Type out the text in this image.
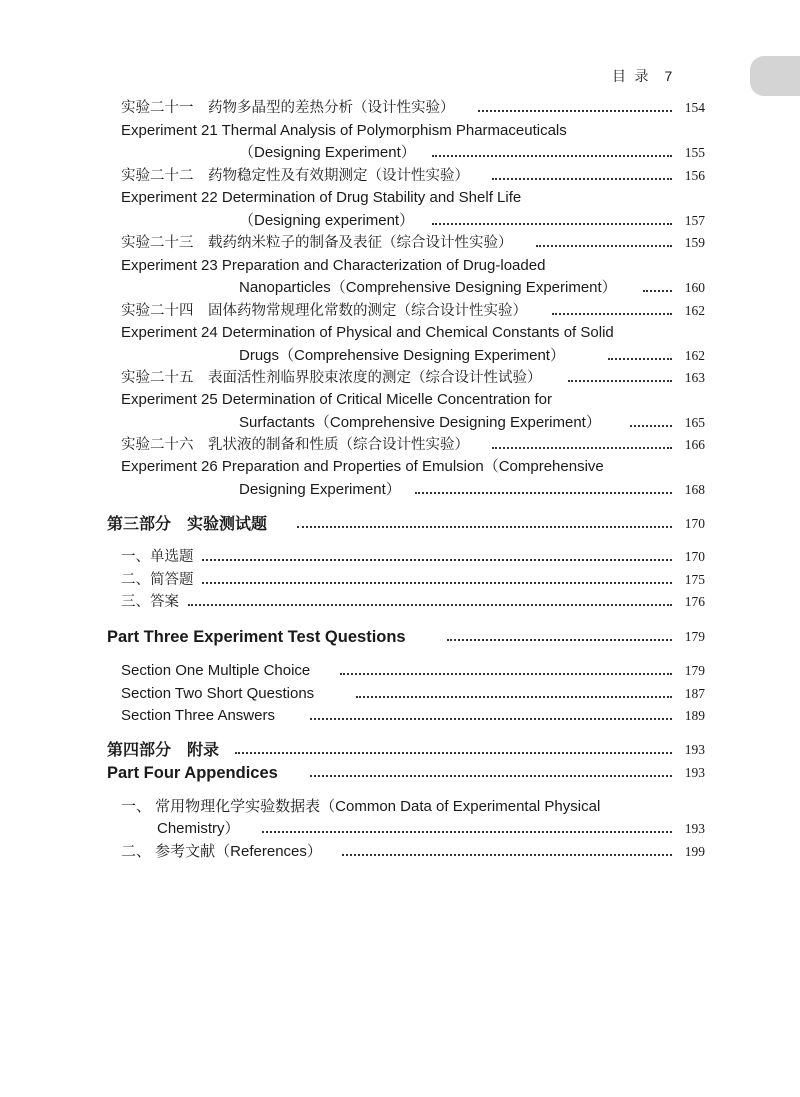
目 录 7
实验二十一　药物多晶型的差热分析（设计性实验）	154
Experiment 21 Thermal Analysis of Polymorphism Pharmaceuticals
（Designing Experiment）	155
实验二十二　药物稳定性及有效期测定（设计性实验）	156
Experiment 22 Determination of Drug Stability and Shelf Life
（Designing experiment）	157
实验二十三　载药纳米粒子的制备及表征（综合设计性实验）	159
Experiment 23 Preparation and Characterization of Drug-loaded
Nanoparticles（Comprehensive Designing Experiment）	160
实验二十四　固体药物常规理化常数的测定（综合设计性实验）	162
Experiment 24 Determination of Physical and Chemical Constants of Solid
Drugs（Comprehensive Designing Experiment）	162
实验二十五　表面活性剂临界胶束浓度的测定（综合设计性试验）	163
Experiment 25 Determination of Critical Micelle Concentration for
Surfactants（Comprehensive Designing Experiment）	165
实验二十六　乳状液的制备和性质（综合设计性实验）	166
Experiment 26 Preparation and Properties of Emulsion（Comprehensive
Designing Experiment）	168
第三部分　实验测试题	170
一、单选题	170
二、简答题	175
三、答案	176
Part Three Experiment Test Questions	179
Section One Multiple Choice	179
Section Two Short Questions	187
Section Three Answers	189
第四部分　附录	193
Part Four Appendices	193
一、 常用物理化学实验数据表（Common Data of Experimental Physical
Chemistry）	193
二、 参考文献（References）	199
